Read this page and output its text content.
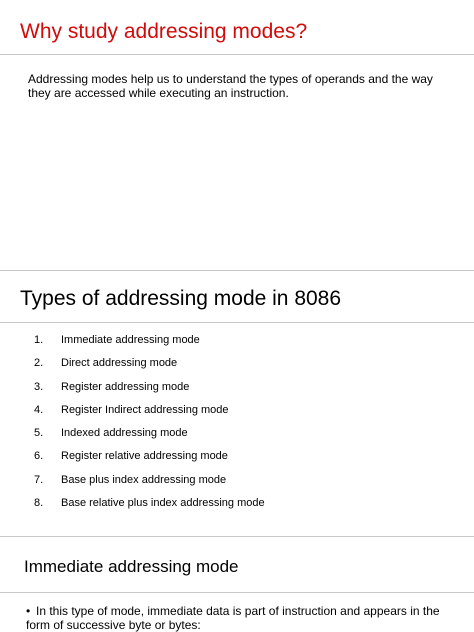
Why study addressing modes?
Addressing modes help us to understand the types of operands and the way they are accessed while executing an instruction.
Types of addressing mode in 8086
1. Immediate addressing mode
2. Direct addressing mode
3. Register addressing mode
4. Register Indirect addressing mode
5. Indexed addressing mode
6. Register relative addressing mode
7. Base plus index addressing mode
8. Base relative plus index addressing mode
Immediate addressing mode
• In this type of mode, immediate data is part of instruction and appears in the form of successive byte or bytes:
